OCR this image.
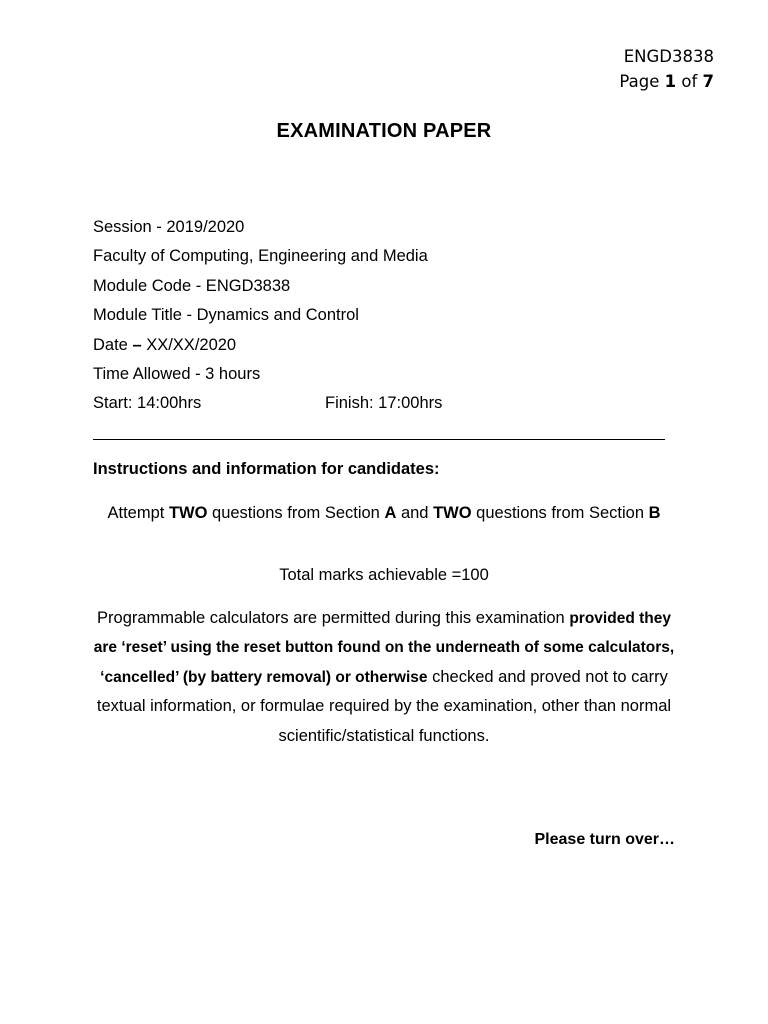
ENGD3838
Page 1 of 7
EXAMINATION PAPER
Session - 2019/2020
Faculty of Computing, Engineering and Media
Module Code - ENGD3838
Module Title - Dynamics and Control
Date – XX/XX/2020
Time Allowed - 3 hours
Start: 14:00hrs	Finish: 17:00hrs
Instructions and information for candidates:
Attempt TWO questions from Section A and TWO questions from Section B
Total marks achievable =100
Programmable calculators are permitted during this examination provided they are ‘reset’ using the reset button found on the underneath of some calculators, ‘cancelled’ (by battery removal) or otherwise checked and proved not to carry textual information, or formulae required by the examination, other than normal scientific/statistical functions.
Please turn over…
